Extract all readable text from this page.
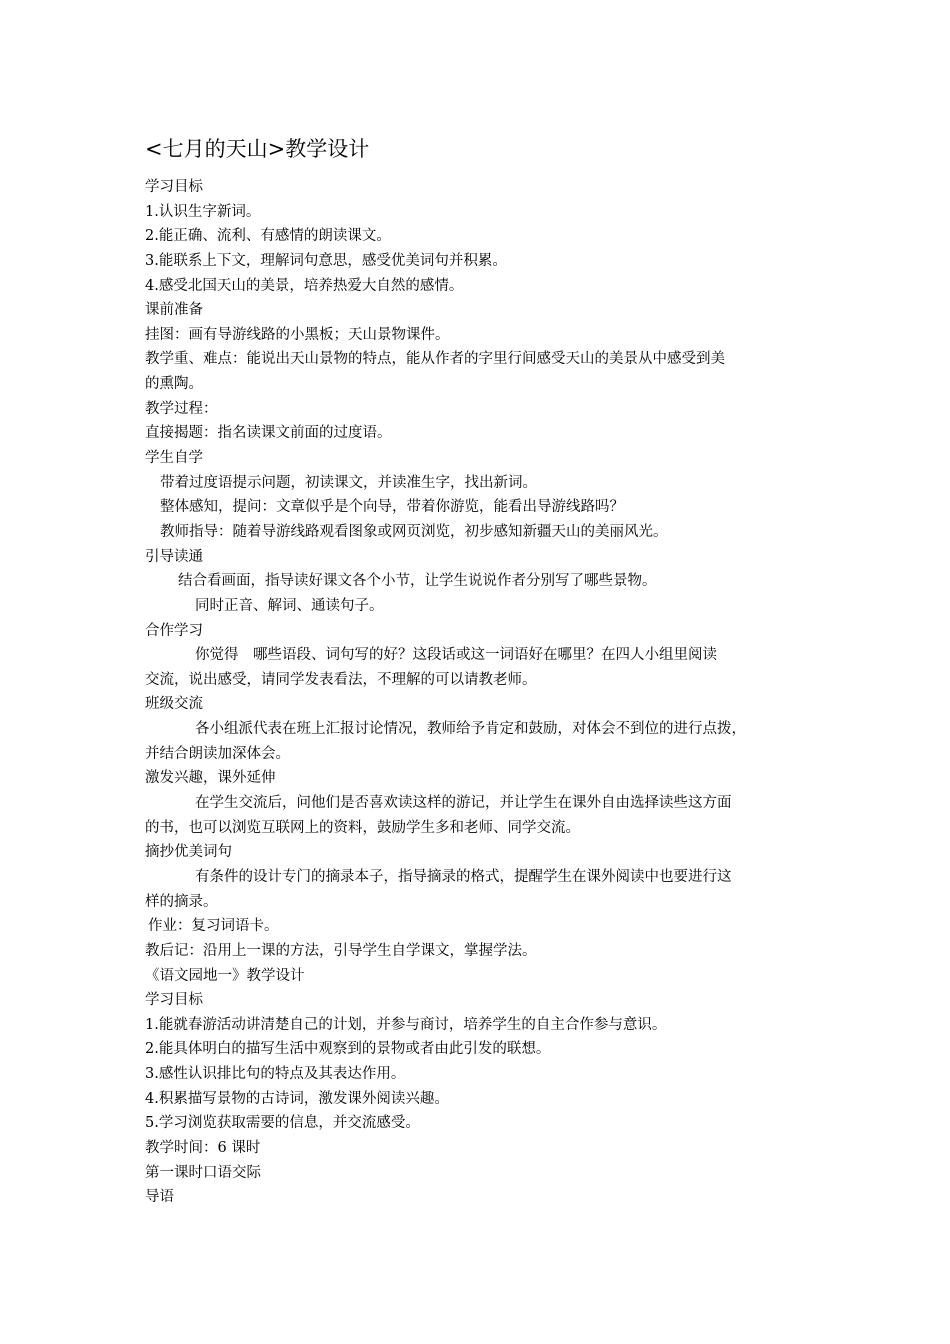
<七月的天山>教学设计
学习目标
1.认识生字新词。
2.能正确、流利、有感情的朗读课文。
3.能联系上下文，理解词句意思，感受优美词句并积累。
4.感受北国天山的美景，培养热爱大自然的感情。
课前准备
挂图：画有导游线路的小黑板；天山景物课件。
教学重、难点：能说出天山景物的特点，能从作者的字里行间感受天山的美景从中感受到美
的熏陶。
教学过程：
直接揭题：指名读课文前面的过度语。
学生自学
带着过度语提示问题，初读课文，并读准生字，找出新词。
整体感知，提问：文章似乎是个向导，带着你游览，能看出导游线路吗？
教师指导：随着导游线路观看图象或网页浏览，初步感知新疆天山的美丽风光。
引导读通
结合看画面，指导读好课文各个小节，让学生说说作者分别写了哪些景物。
同时正音、解词、通读句子。
合作学习
你觉得　哪些语段、词句写的好？这段话或这一词语好在哪里？在四人小组里阅读
交流，说出感受，请同学发表看法，不理解的可以请教老师。
班级交流
各小组派代表在班上汇报讨论情况，教师给予肯定和鼓励，对体会不到位的进行点拨，
并结合朗读加深体会。
激发兴趣，课外延伸
在学生交流后，问他们是否喜欢读这样的游记，并让学生在课外自由选择读些这方面
的书，也可以浏览互联网上的资料，鼓励学生多和老师、同学交流。
摘抄优美词句
有条件的设计专门的摘录本子，指导摘录的格式，提醒学生在课外阅读中也要进行这
样的摘录。
作业：复习词语卡。
教后记：沿用上一课的方法，引导学生自学课文，掌握学法。
《语文园地一》教学设计
学习目标
1.能就春游活动讲清楚自己的计划，并参与商讨，培养学生的自主合作参与意识。
2.能具体明白的描写生活中观察到的景物或者由此引发的联想。
3.感性认识排比句的特点及其表达作用。
4.积累描写景物的古诗词，激发课外阅读兴趣。
5.学习浏览获取需要的信息，并交流感受。
教学时间：6 课时
第一课时口语交际
导语
